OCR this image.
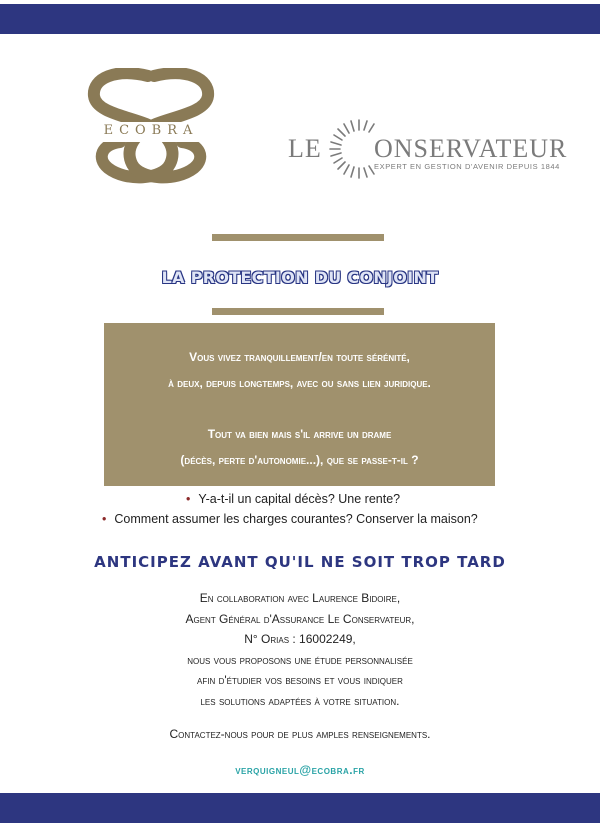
ECOBRA
LE ONSERVATEUR
EXPERT EN GESTION D'AVENIR DEPUIS 1844
LA PROTECTION DU CONJOINT

Vous vivez tranquillement/en toute sérénité,

à deux, depuis longtemps, avec ou sans lien juridique.

Tout va bien mais s'il arrive un drame

(décès, perte d'autonomie...), que se passe-t-il ?

• Y-a-t-il un capital décès? Une rente?
• Comment assumer les charges courantes? Conserver la maison?
ANTICIPEZ AVANT QU'IL NE SOIT TROP TARD
En collaboration avec Laurence Bidoire,
Agent Général d'Assurance Le Conservateur,
N° Orias : 16002249,
nous vous proposons une étude personnalisée
afin d'étudier vos besoins et vous indiquer
les solutions adaptées à votre situation.
Contactez-nous pour de plus amples renseignements.
verquigneul@ecobra.fr
